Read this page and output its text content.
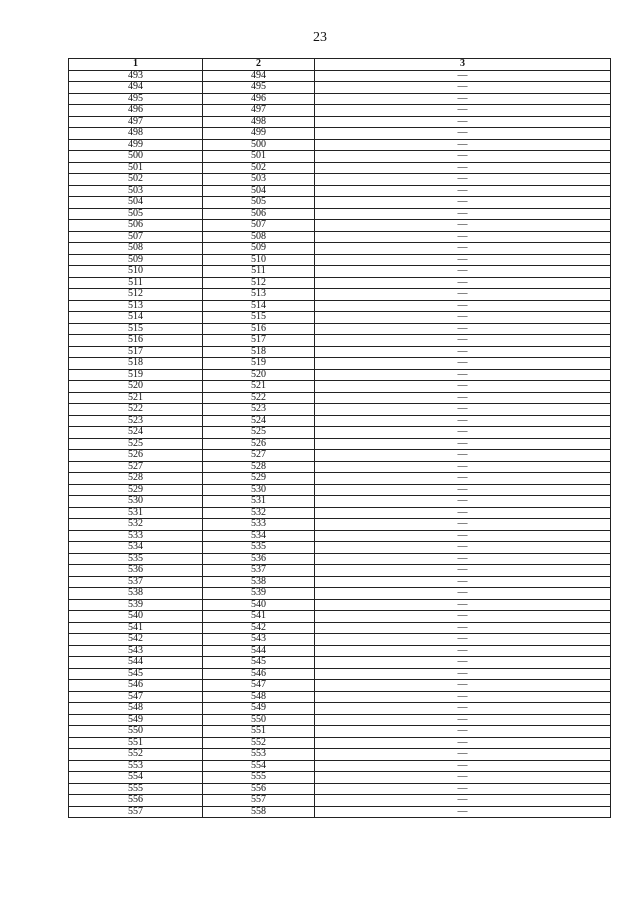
23
1	2	3
493	494	—
494	495	—
495	496	—
496	497	—
497	498	—
498	499	—
499	500	—
500	501	—
501	502	—
502	503	—
503	504	—
504	505	—
505	506	—
506	507	—
507	508	—
508	509	—
509	510	—
510	511	—
511	512	—
512	513	—
513	514	—
514	515	—
515	516	—
516	517	—
517	518	—
518	519	—
519	520	—
520	521	—
521	522	—
522	523	—
523	524	—
524	525	—
525	526	—
526	527	—
527	528	—
528	529	—
529	530	—
530	531	—
531	532	—
532	533	—
533	534	—
534	535	—
535	536	—
536	537	—
537	538	—
538	539	—
539	540	—
540	541	—
541	542	—
542	543	—
543	544	—
544	545	—
545	546	—
546	547	—
547	548	—
548	549	—
549	550	—
550	551	—
551	552	—
552	553	—
553	554	—
554	555	—
555	556	—
556	557	—
557	558	—
